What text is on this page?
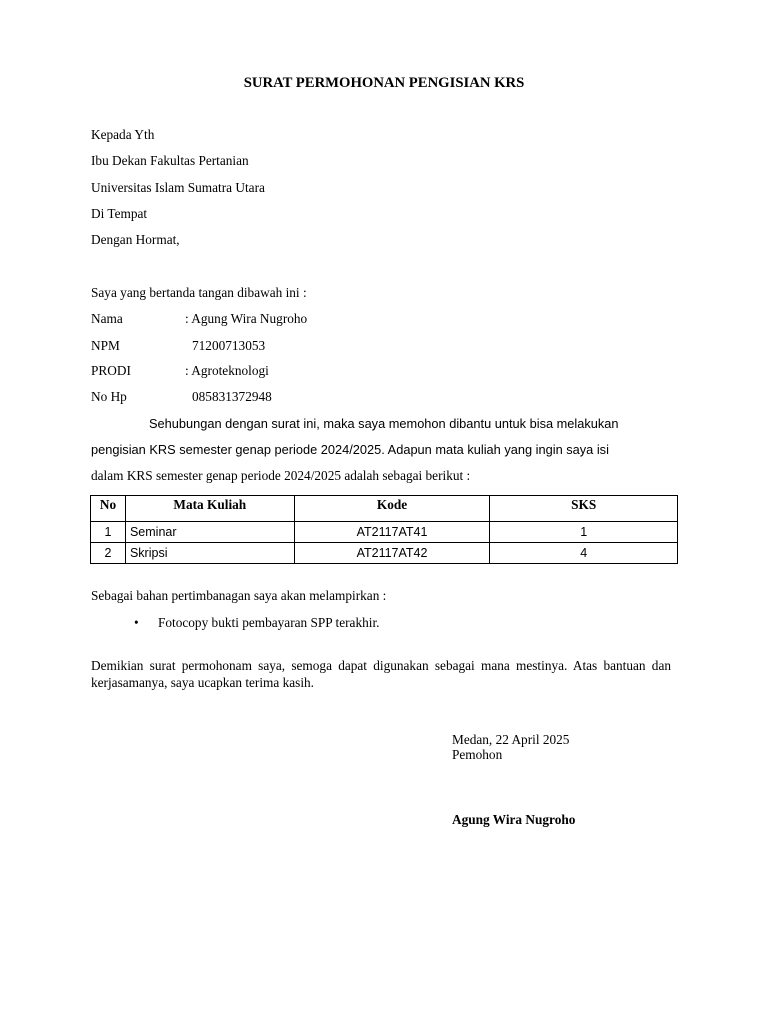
SURAT PERMOHONAN PENGISIAN KRS
Kepada Yth
Ibu Dekan Fakultas Pertanian
Universitas Islam Sumatra Utara
Di Tempat
Dengan Hormat,
Saya yang bertanda tangan dibawah ini :
Nama	: Agung Wira Nugroho
NPM	71200713053
PRODI	: Agroteknologi
No Hp	085831372948
Sehubungan dengan surat ini, maka saya memohon dibantu untuk bisa melakukan
pengisian KRS semester genap periode 2024/2025. Adapun mata kuliah yang ingin saya isi
dalam KRS semester genap periode 2024/2025 adalah sebagai berikut :
No	Mata Kuliah	Kode	SKS
1	Seminar	AT2117AT41	1
2	Skripsi	AT2117AT42	4
Sebagai bahan pertimbanagan saya akan melampirkan :
• Fotocopy bukti pembayaran SPP terakhir.
Demikian surat permohonam saya, semoga dapat digunakan sebagai mana mestinya. Atas bantuan dan kerjasamanya, saya ucapkan terima kasih.
Medan, 22 April 2025
Pemohon
Agung Wira Nugroho
